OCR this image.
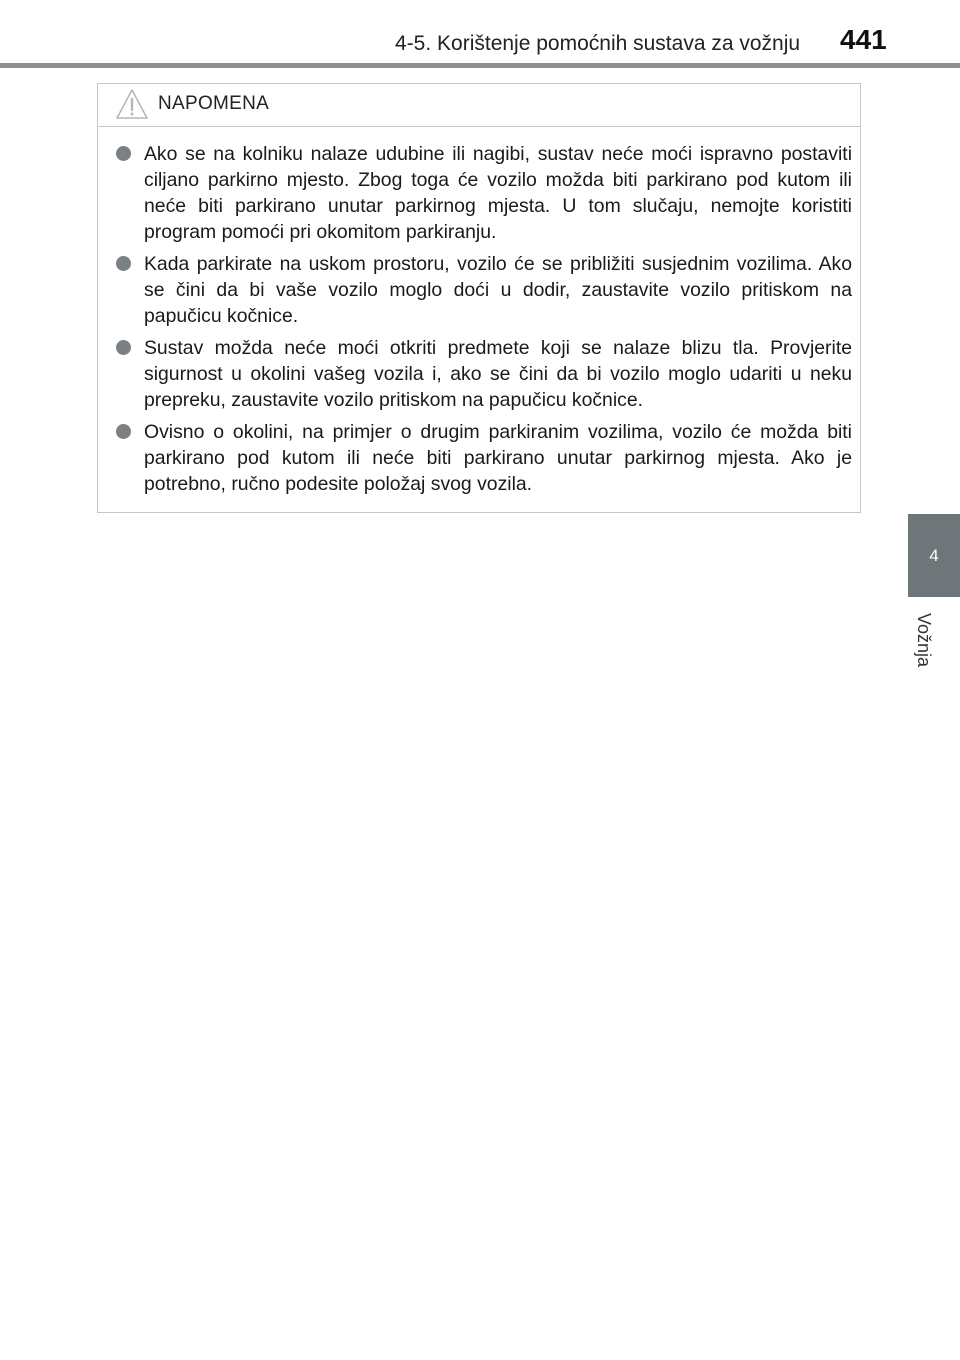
4-5. Korištenje pomoćnih sustava za vožnju 441
4
Vožnja
NAPOMENA
Ako se na kolniku nalaze udubine ili nagibi, sustav neće moći ispravno postaviti ciljano parkirno mjesto. Zbog toga će vozilo možda biti parkirano pod kutom ili neće biti parkirano unutar parkirnog mjesta. U tom slučaju, nemojte koristiti program pomoći pri okomitom parkiranju.
Kada parkirate na uskom prostoru, vozilo će se približiti susjednim vozilima. Ako se čini da bi vaše vozilo moglo doći u dodir, zaustavite vozilo pritiskom na papučicu kočnice.
Sustav možda neće moći otkriti predmete koji se nalaze blizu tla. Provjerite sigurnost u okolini vašeg vozila i, ako se čini da bi vozilo moglo udariti u neku prepreku, zaustavite vozilo pritiskom na papučicu kočnice.
Ovisno o okolini, na primjer o drugim parkiranim vozilima, vozilo će možda biti parkirano pod kutom ili neće biti parkirano unutar parkirnog mjesta. Ako je potrebno, ručno podesite položaj svog vozila.
